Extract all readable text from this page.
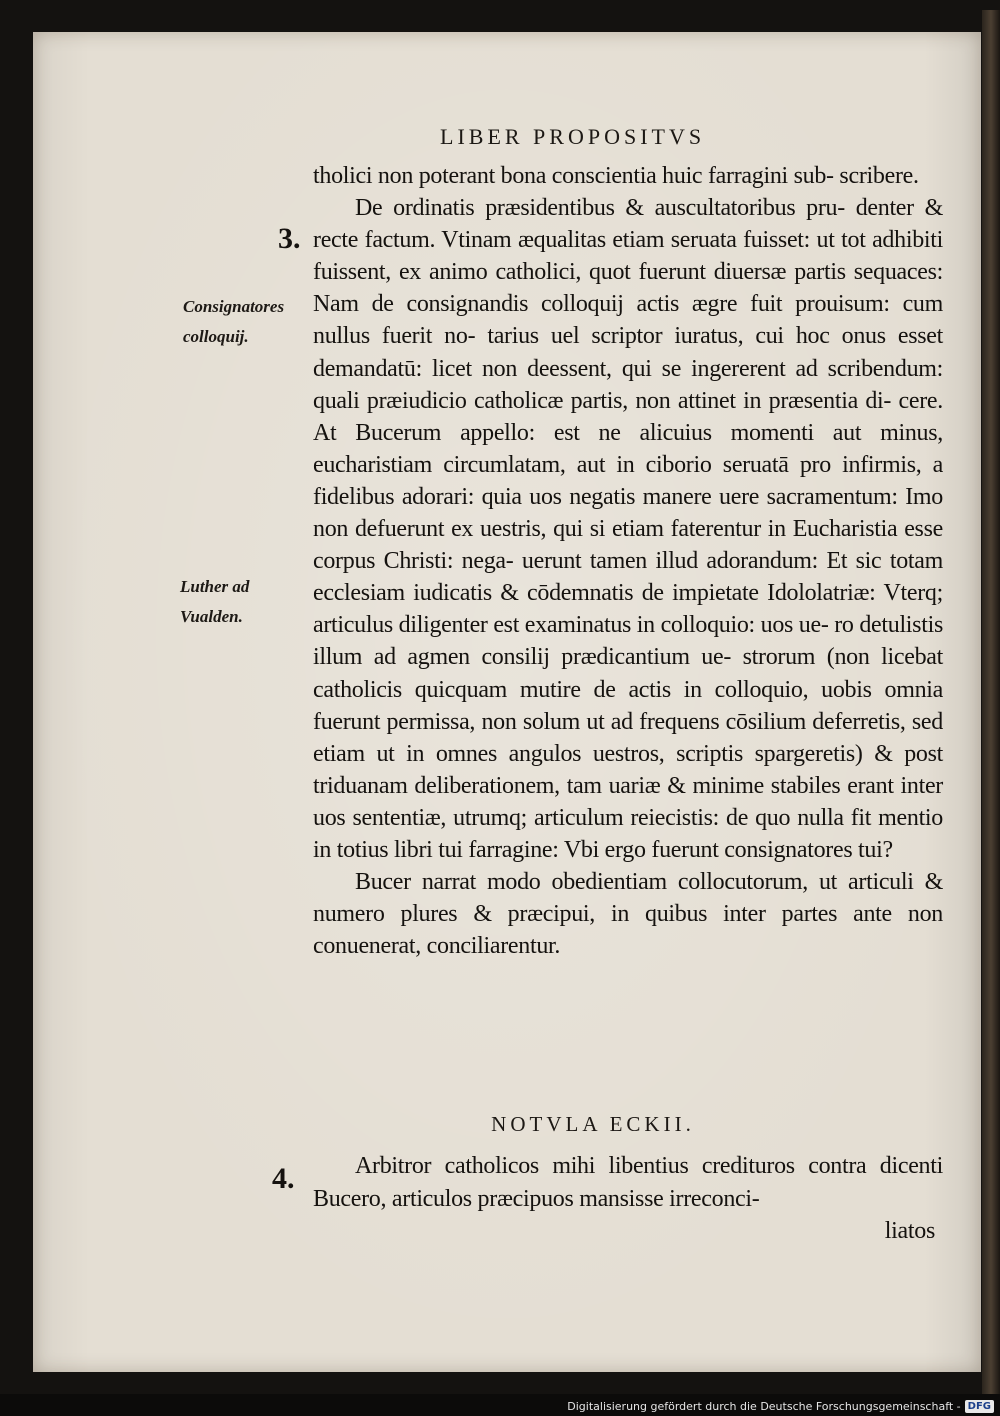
LIBER PROPOSITVS

tholici non poterant bona conscientia huic farragini sub‑ scribere.

De ordinatis præsidentibus & auscultatoribus pru‑ denter & recte factum. Vtinam æqualitas etiam seruata fuisset: ut tot adhibiti fuissent, ex animo catholici, quot fuerunt diuersæ partis sequaces: Nam de consignandis colloquij actis ægre fuit prouisum: cum nullus fuerit no‑ tarius uel scriptor iuratus, cui hoc onus esset demandatū: licet non deessent, qui se ingererent ad scribendum: quali præiudicio catholicæ partis, non attinet in præsentia di‑ cere. At Bucerum appello: est ne alicuius momenti aut minus, eucharistiam circumlatam, aut in ciborio seruatā pro infirmis, a fidelibus adorari: quia uos negatis manere uere sacramentum: Imo non defuerunt ex uestris, qui si etiam faterentur in Eucharistia esse corpus Christi: nega‑ uerunt tamen illud adorandum: Et sic totam ecclesiam iudicatis & cōdemnatis de impietate Idololatriæ: Vterq; articulus diligenter est examinatus in colloquio: uos ue‑ ro detulistis illum ad agmen consilij prædicantium ue‑ strorum (non licebat catholicis quicquam mutire de actis in colloquio, uobis omnia fuerunt permissa, non solum ut ad frequens cōsilium deferretis, sed etiam ut in omnes angulos uestros, scriptis spargeretis) & post triduanam deliberationem, tam uariæ & minime stabiles erant inter uos sententiæ, utrumq; articulum reiecistis: de quo nulla fit mentio in totius libri tui farragine: Vbi ergo fuerunt consignatores tui?

Bucer narrat modo obedientiam collocutorum, ut articuli & numero plures & præcipui, in quibus inter partes ante non conuenerat, conciliarentur.

NOTVLA ECKII.

Arbitror catholicos mihi libentius credituros contra dicenti Bucero, articulos præcipuos mansisse irreconci‑

liatos

3.
4.
Consignatores colloquij.
Luther ad Vualden.
Digitalisierung gefördert durch die Deutsche Forschungsgemeinschaft - DFG
